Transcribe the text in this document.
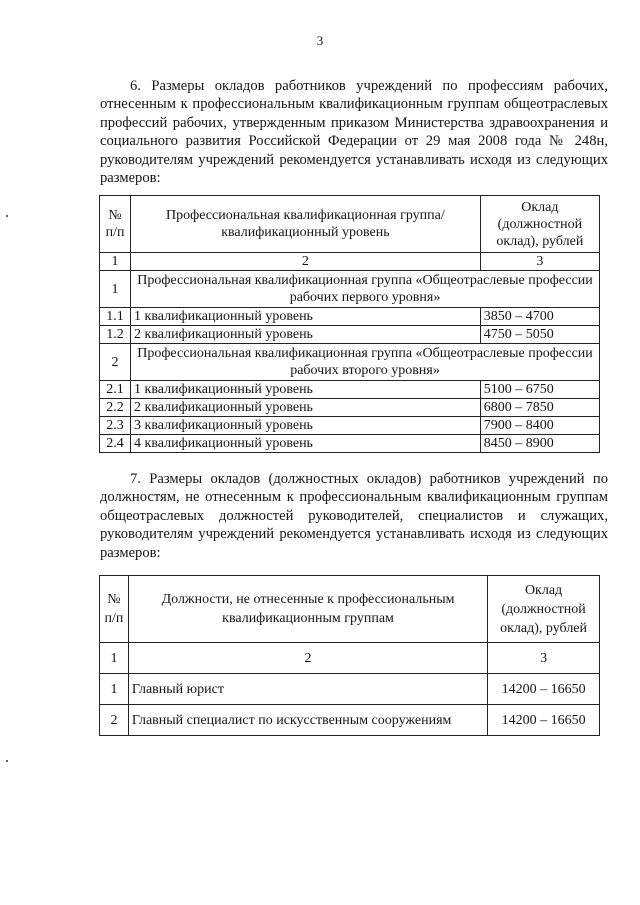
3

6. Размеры окладов работников учреждений по профессиям рабочих, отнесенным к профессиональным квалификационным группам общеотраслевых профессий рабочих, утвержденным приказом Министерства здравоохранения и социального развития Российской Федерации от 29 мая 2008 года № 248н, руководителям учреждений рекомендуется устанавливать исходя из следующих размеров:

№ п/п	Профессиональная квалификационная группа/ квалификационный уровень	Оклад (должностной оклад), рублей
1	2	3
1	Профессиональная квалификационная группа «Общеотраслевые профессии рабочих первого уровня»	
1.1	1 квалификационный уровень	3850 – 4700
1.2	2 квалификационный уровень	4750 – 5050
2	Профессиональная квалификационная группа «Общеотраслевые профессии рабочих второго уровня»	
2.1	1 квалификационный уровень	5100 – 6750
2.2	2 квалификационный уровень	6800 – 7850
2.3	3 квалификационный уровень	7900 – 8400
2.4	4 квалификационный уровень	8450 – 8900

7. Размеры окладов (должностных окладов) работников учреждений по должностям, не отнесенным к профессиональным квалификационным группам общеотраслевых должностей руководителей, специалистов и служащих, руководителям учреждений рекомендуется устанавливать исходя из следующих размеров:

№ п/п	Должности, не отнесенные к профессиональным квалификационным группам	Оклад (должностной оклад), рублей
1	2	3
1	Главный юрист	14200 – 16650
2	Главный специалист по искусственным сооружениям	14200 – 16650
